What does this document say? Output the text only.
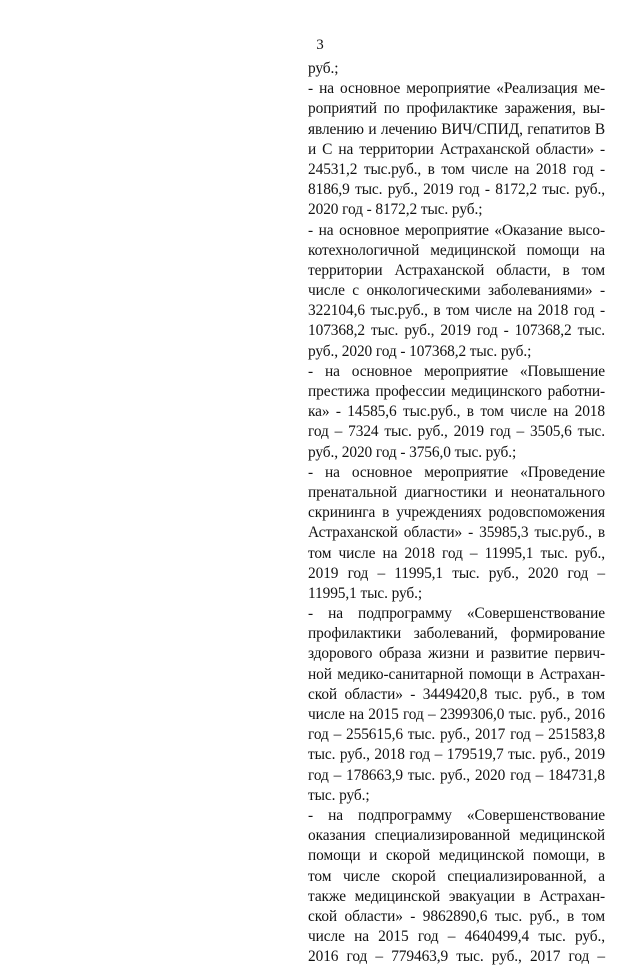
3
руб.;
- на основное мероприятие «Реализация ме-
роприятий по профилактике заражения, вы-
явлению и лечению ВИЧ/СПИД, гепатитов В
и С на территории Астраханской области» -
24531,2 тыс.руб., в том числе на 2018 год -
8186,9 тыс. руб., 2019 год - 8172,2 тыс. руб.,
2020 год - 8172,2 тыс. руб.;
- на основное мероприятие «Оказание высо-
котехнологичной медицинской помощи на
территории Астраханской области, в том
числе с онкологическими заболеваниями» -
322104,6 тыс.руб., в том числе на 2018 год -
107368,2 тыс. руб., 2019 год - 107368,2 тыс.
руб., 2020 год - 107368,2 тыс. руб.;
- на основное мероприятие «Повышение
престижа профессии медицинского работни-
ка» - 14585,6 тыс.руб., в том числе на 2018
год – 7324 тыс. руб., 2019 год – 3505,6 тыс.
руб., 2020 год - 3756,0 тыс. руб.;
- на основное мероприятие «Проведение
пренатальной диагностики и неонатального
скрининга в учреждениях родовспоможения
Астраханской области» - 35985,3 тыс.руб., в
том числе на 2018 год – 11995,1 тыс. руб.,
2019 год – 11995,1 тыс. руб., 2020 год –
11995,1 тыс. руб.;
- на подпрограмму «Совершенствование
профилактики заболеваний, формирование
здорового образа жизни и развитие первич-
ной медико-санитарной помощи в Астрахан-
ской области» - 3449420,8 тыс. руб., в том
числе на 2015 год – 2399306,0 тыс. руб., 2016
год – 255615,6 тыс. руб., 2017 год – 251583,8
тыс. руб., 2018 год – 179519,7 тыс. руб., 2019
год – 178663,9 тыс. руб., 2020 год – 184731,8
тыс. руб.;
- на подпрограмму «Совершенствование
оказания специализированной медицинской
помощи и скорой медицинской помощи, в
том числе скорой специализированной, а
также медицинской эвакуации в Астрахан-
ской области» - 9862890,6 тыс. руб., в том
числе на 2015 год – 4640499,4 тыс. руб.,
2016 год – 779463,9 тыс. руб., 2017 год –
